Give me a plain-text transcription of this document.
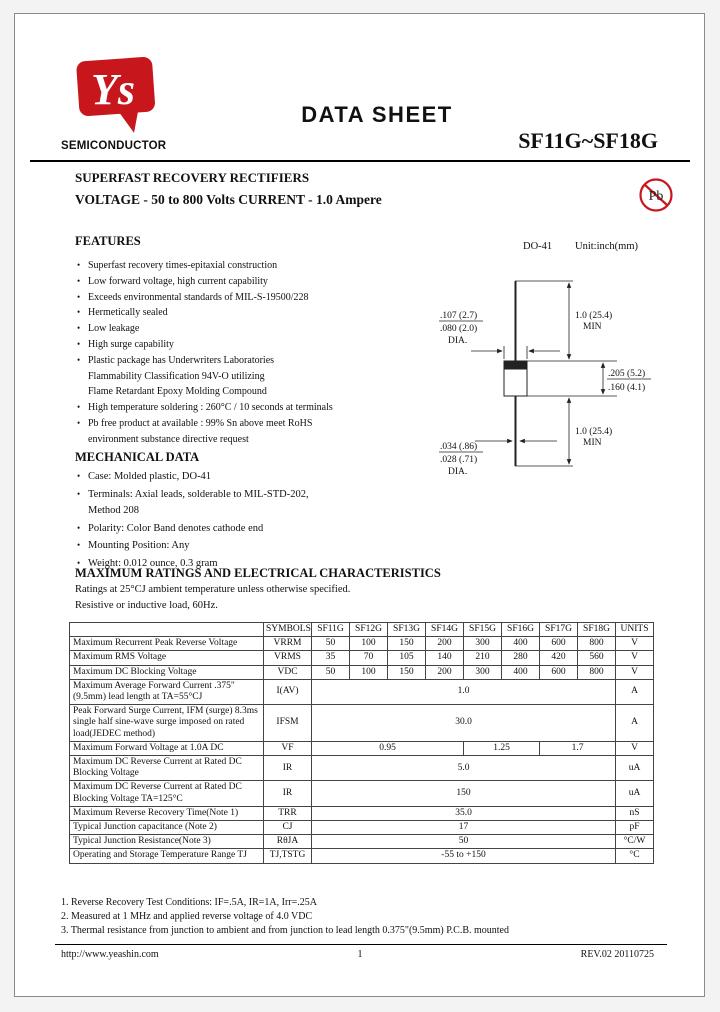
Ys
SEMICONDUCTOR
DATA SHEET
SF11G~SF18G
SUPERFAST RECOVERY RECTIFIERS
VOLTAGE - 50 to 800 Volts CURRENT - 1.0 Ampere	Pb
FEATURES	DO-41 Unit:inch(mm)
• Superfast recovery times-epitaxial construction
• Low forward voltage, high current capability
• Exceeds environmental standards of MIL-S-19500/228
• Hermetically sealed
• Low leakage
• High surge capability
• Plastic package has Underwriters Laboratories
Flammability Classification 94V-O utilizing
Flame Retardant Epoxy Molding Compound
• High temperature soldering : 260°C / 10 seconds at terminals
• Pb free product at available : 99% Sn above meet RoHS
environment substance directive request
.107 (2.7)
.080 (2.0)
DIA.
1.0 (25.4)
MIN
.205 (5.2)
.160 (4.1)
1.0 (25.4)
MIN
.034 (.86)
.028 (.71)
DIA.
MECHANICAL DATA
• Case: Molded plastic, DO-41
• Terminals: Axial leads, solderable to MIL-STD-202,
Method 208
• Polarity: Color Band denotes cathode end
• Mounting Position: Any
• Weight: 0.012 ounce, 0.3 gram
MAXIMUM RATINGS AND ELECTRICAL CHARACTERISTICS
Ratings at 25°CJ ambient temperature unless otherwise specified.
Resistive or inductive load, 60Hz.
	SYMBOLS	SF11G	SF12G	SF13G	SF14G	SF15G	SF16G	SF17G	SF18G	UNITS
Maximum Recurrent Peak Reverse Voltage	VRRM	50	100	150	200	300	400	600	800	V
Maximum RMS Voltage	VRMS	35	70	105	140	210	280	420	560	V
Maximum DC Blocking Voltage	VDC	50	100	150	200	300	400	600	800	V
Maximum Average Forward Current .375"(9.5mm) lead length at TA=55°CJ	I(AV)	1.0								A
Peak Forward Surge Current, IFM (surge) 8.3ms single half sine-wave surge imposed on rated load(JEDEC method)	IFSM	30.0								A
Maximum Forward Voltage at 1.0A DC	VF	0.95				1.25		1.7		V
Maximum DC Reverse Current at Rated DC Blocking Voltage	IR	5.0								uA
Maximum DC Reverse Current at Rated DC Blocking Voltage TA=125°C	IR	150								uA
Maximum Reverse Recovery Time(Note 1)	TRR	35.0								nS
Typical Junction capacitance (Note 2)	CJ	17								pF
Typical Junction Resistance(Note 3)	RθJA	50								°C/W
Operating and Storage Temperature Range TJ	TJ,TSTG	-55 to +150								°C
1. Reverse Recovery Test Conditions: IF=.5A, IR=1A, Irr=.25A
2. Measured at 1 MHz and applied reverse voltage of 4.0 VDC
3. Thermal resistance from junction to ambient and from junction to lead length 0.375"(9.5mm) P.C.B. mounted
http://www.yeashin.com	1	REV.02 20110725
